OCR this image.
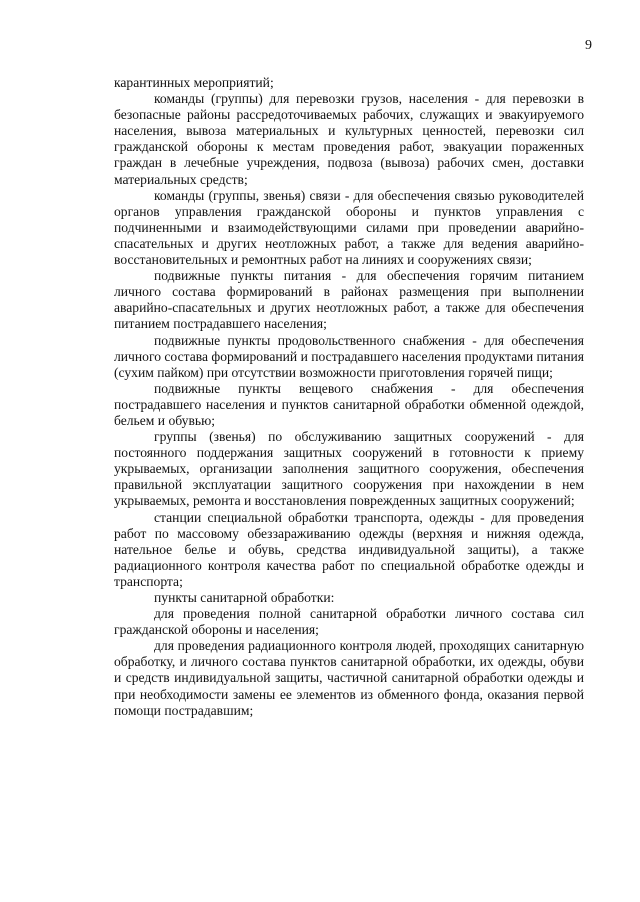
9

карантинных мероприятий;

команды (группы) для перевозки грузов, населения - для перевозки в безопасные районы рассредоточиваемых рабочих, служащих и эвакуируемого населения, вывоза материальных и культурных ценностей, перевозки сил гражданской обороны к местам проведения работ, эвакуации пораженных граждан в лечебные учреждения, подвоза (вывоза) рабочих смен, доставки материальных средств;

команды (группы, звенья) связи - для обеспечения связью руководителей органов управления гражданской обороны и пунктов управления с подчиненными и взаимодействующими силами при проведении аварийно-спасательных и других неотложных работ, а также для ведения аварийно-восстановительных и ремонтных работ на линиях и сооружениях связи;

подвижные пункты питания - для обеспечения горячим питанием личного состава формирований в районах размещения при выполнении аварийно-спасательных и других неотложных работ, а также для обеспечения питанием пострадавшего населения;

подвижные пункты продовольственного снабжения - для обеспечения личного состава формирований и пострадавшего населения продуктами питания (сухим пайком) при отсутствии возможности приготовления горячей пищи;

подвижные пункты вещевого снабжения - для обеспечения пострадавшего населения и пунктов санитарной обработки обменной одеждой, бельем и обувью;

группы (звенья) по обслуживанию защитных сооружений - для постоянного поддержания защитных сооружений в готовности к приему укрываемых, организации заполнения защитного сооружения, обеспечения правильной эксплуатации защитного сооружения при нахождении в нем укрываемых, ремонта и восстановления поврежденных защитных сооружений;

станции специальной обработки транспорта, одежды - для проведения работ по массовому обеззараживанию одежды (верхняя и нижняя одежда, нательное белье и обувь, средства индивидуальной защиты), а также радиационного контроля качества работ по специальной обработке одежды и транспорта;

пункты санитарной обработки:

для проведения полной санитарной обработки личного состава сил гражданской обороны и населения;

для проведения радиационного контроля людей, проходящих санитарную обработку, и личного состава пунктов санитарной обработки, их одежды, обуви и средств индивидуальной защиты, частичной санитарной обработки одежды и при необходимости замены ее элементов из обменного фонда, оказания первой помощи пострадавшим;
